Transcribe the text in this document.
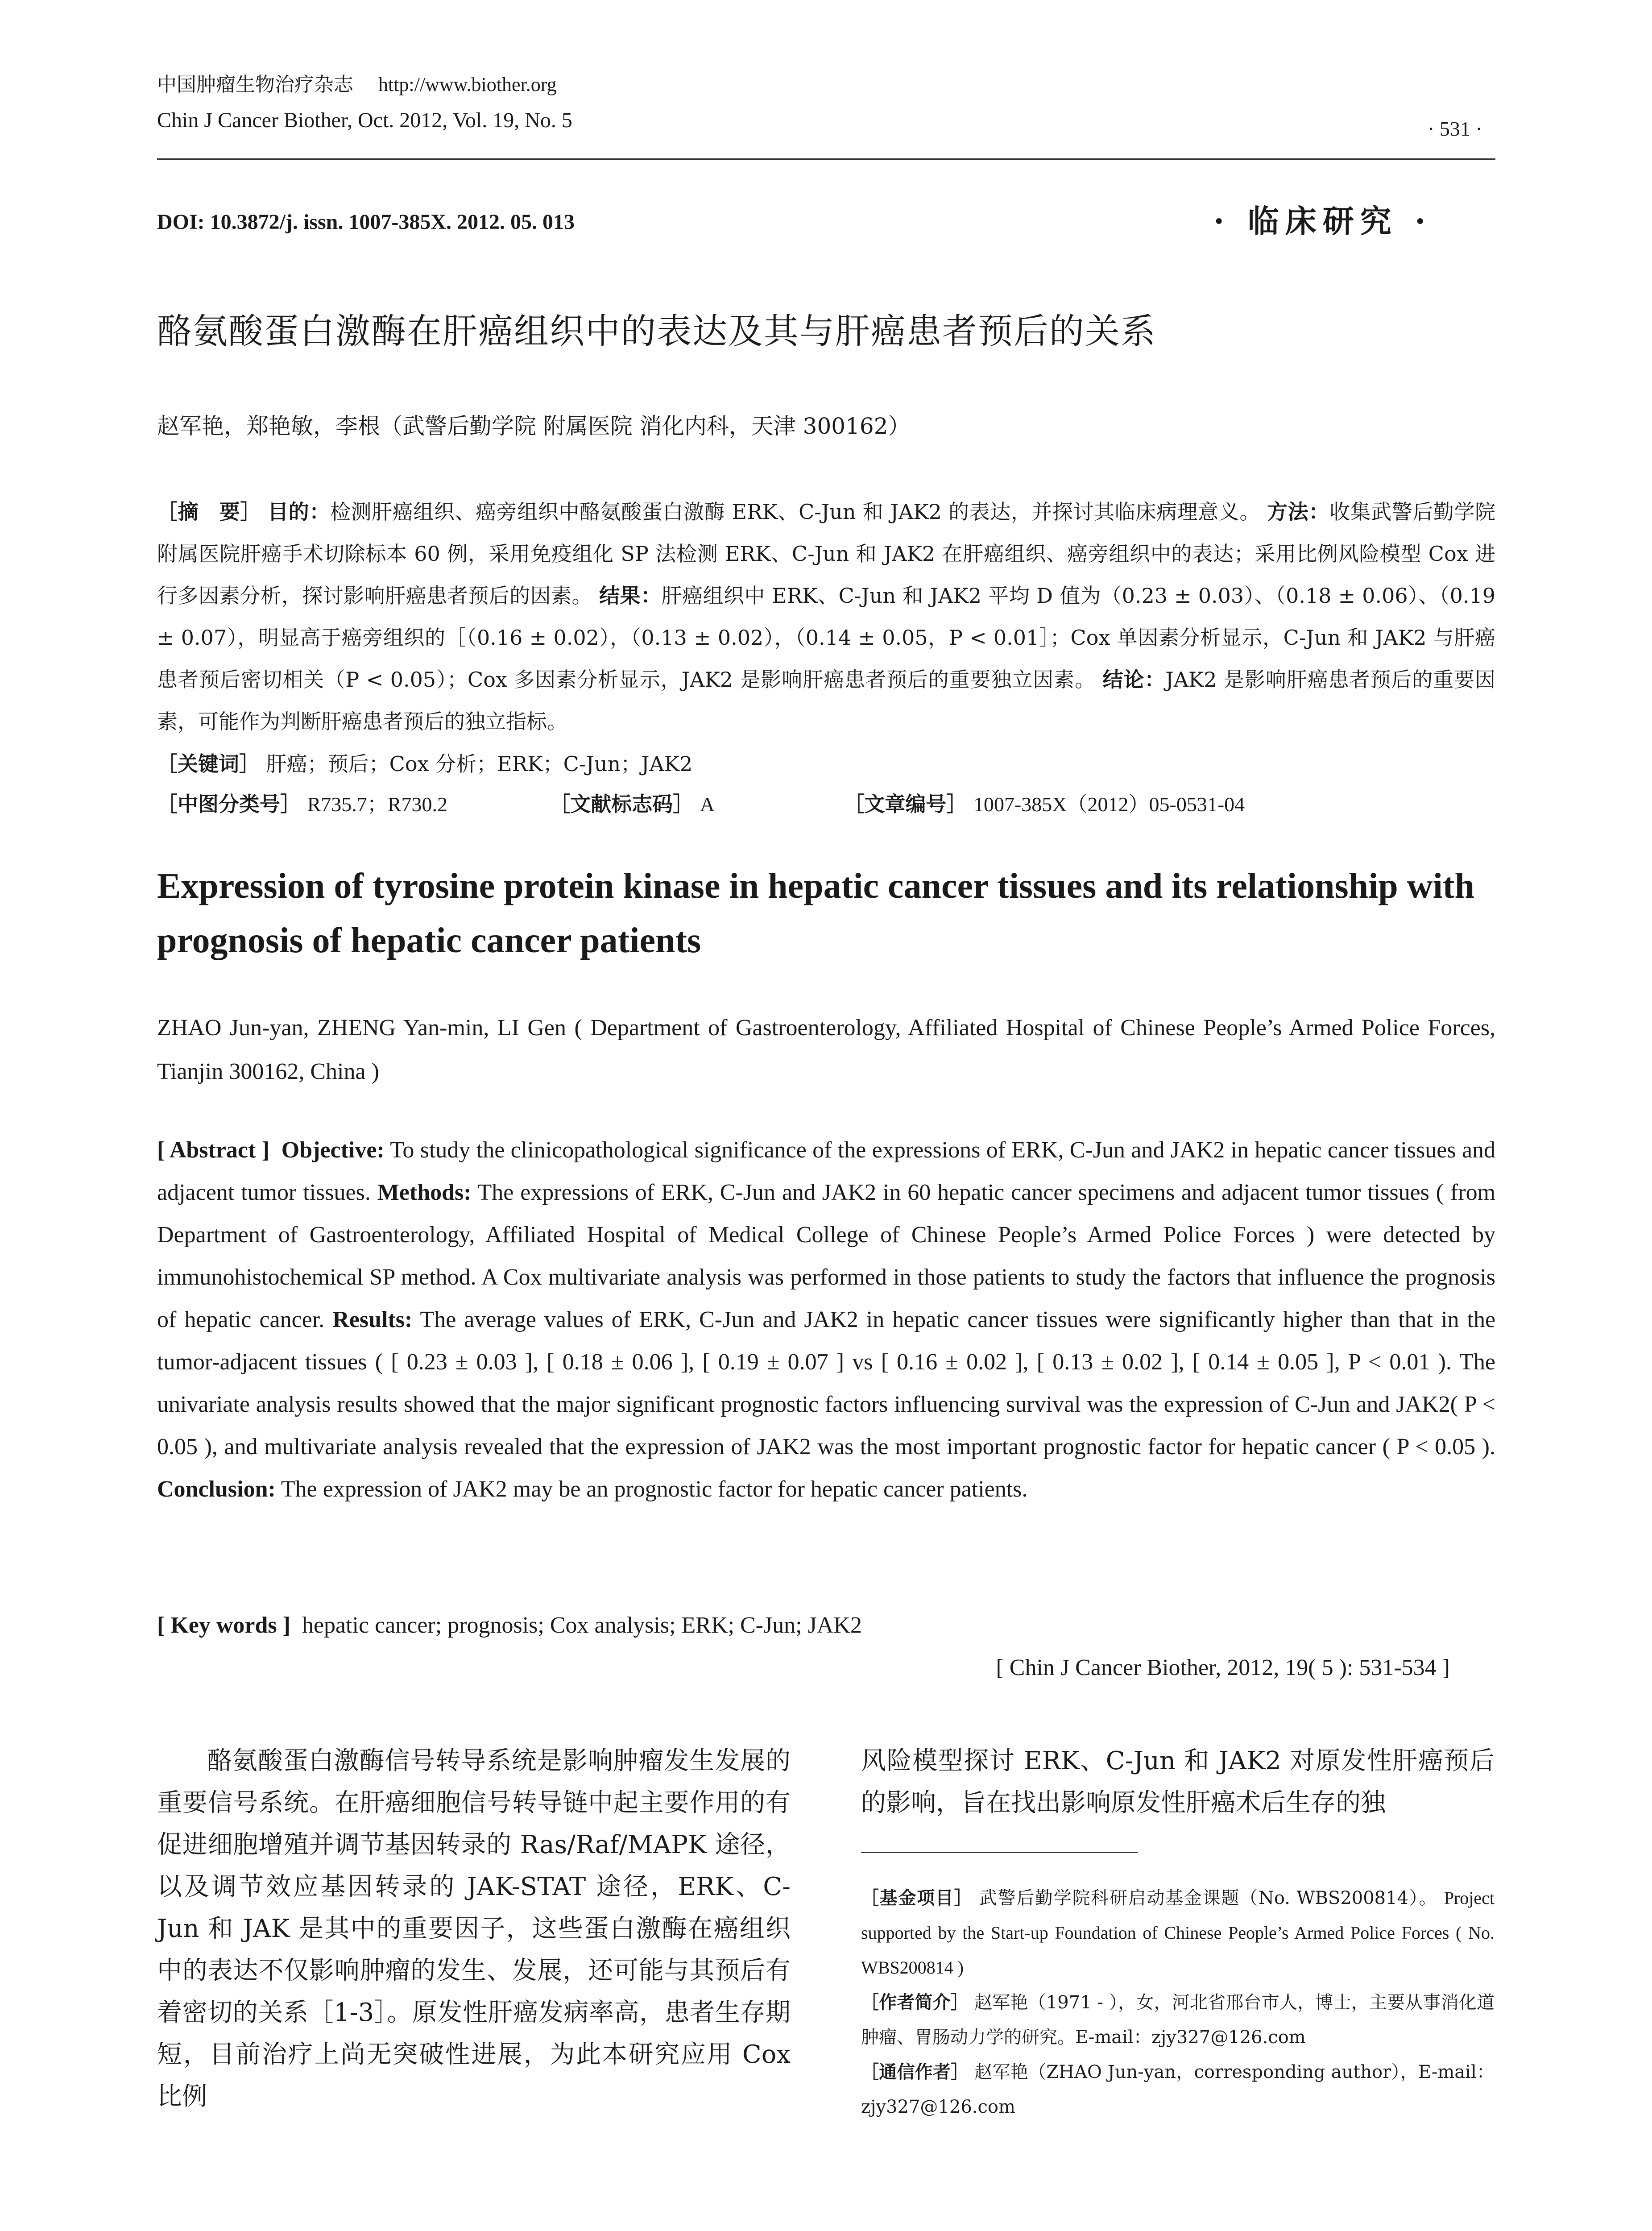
中国肿瘤生物治疗杂志 http://www.biother.org
Chin J Cancer Biother, Oct. 2012, Vol. 19, No. 5	· 531 ·
DOI: 10.3872/j. issn. 1007-385X. 2012. 05. 013	· 临床研究 ·
酪氨酸蛋白激酶在肝癌组织中的表达及其与肝癌患者预后的关系
赵军艳，郑艳敏，李根（武警后勤学院 附属医院 消化内科，天津 300162）
［摘　要］ 目的：检测肝癌组织、癌旁组织中酪氨酸蛋白激酶 ERK、C-Jun 和 JAK2 的表达，并探讨其临床病理意义。 方法：收集武警后勤学院附属医院肝癌手术切除标本 60 例，采用免疫组化 SP 法检测 ERK、C-Jun 和 JAK2 在肝癌组织、癌旁组织中的表达；采用比例风险模型 Cox 进行多因素分析，探讨影响肝癌患者预后的因素。 结果：肝癌组织中 ERK、C-Jun 和 JAK2 平均 D 值为（0.23 ± 0.03）、（0.18 ± 0.06）、（0.19 ± 0.07），明显高于癌旁组织的［（0.16 ± 0.02），（0.13 ± 0.02），（0.14 ± 0.05，P < 0.01］；Cox 单因素分析显示，C-Jun 和 JAK2 与肝癌患者预后密切相关（P < 0.05）；Cox 多因素分析显示，JAK2 是影响肝癌患者预后的重要独立因素。 结论：JAK2 是影响肝癌患者预后的重要因素，可能作为判断肝癌患者预后的独立指标。
［关键词］ 肝癌；预后；Cox 分析；ERK；C-Jun；JAK2
［中图分类号］ R735.7；R730.2	［文献标志码］ A	［文章编号］ 1007-385X（2012）05-0531-04
Expression of tyrosine protein kinase in hepatic cancer tissues and its relationship with prognosis of hepatic cancer patients
ZHAO Jun-yan, ZHENG Yan-min, LI Gen ( Department of Gastroenterology, Affiliated Hospital of Chinese People’s Armed Police Forces, Tianjin 300162, China )
[ Abstract ] Objective: To study the clinicopathological significance of the expressions of ERK, C-Jun and JAK2 in hepatic cancer tissues and adjacent tumor tissues. Methods: The expressions of ERK, C-Jun and JAK2 in 60 hepatic cancer specimens and adjacent tumor tissues ( from Department of Gastroenterology, Affiliated Hospital of Medical College of Chinese People’s Armed Police Forces ) were detected by immunohistochemical SP method. A Cox multivariate analysis was performed in those patients to study the factors that influence the prognosis of hepatic cancer. Results: The average values of ERK, C-Jun and JAK2 in hepatic cancer tissues were significantly higher than that in the tumor-adjacent tissues ( [ 0.23 ± 0.03 ], [ 0.18 ± 0.06 ], [ 0.19 ± 0.07 ] vs [ 0.16 ± 0.02 ], [ 0.13 ± 0.02 ], [ 0.14 ± 0.05 ], P < 0.01 ). The univariate analysis results showed that the major significant prognostic factors influencing survival was the expression of C-Jun and JAK2( P < 0.05 ), and multivariate analysis revealed that the expression of JAK2 was the most important prognostic factor for hepatic cancer ( P < 0.05 ). Conclusion: The expression of JAK2 may be an prognostic factor for hepatic cancer patients.
[ Key words ] hepatic cancer; prognosis; Cox analysis; ERK; C-Jun; JAK2
[ Chin J Cancer Biother, 2012, 19( 5 ): 531-534 ]
酪氨酸蛋白激酶信号转导系统是影响肿瘤发生发展的重要信号系统。在肝癌细胞信号转导链中起主要作用的有促进细胞增殖并调节基因转录的 Ras/Raf/MAPK 途径，以及调节效应基因转录的 JAK-STAT 途径，ERK、C-Jun 和 JAK 是其中的重要因子，这些蛋白激酶在癌组织中的表达不仅影响肿瘤的发生、发展，还可能与其预后有着密切的关系［1-3］。原发性肝癌发病率高，患者生存期短，目前治疗上尚无突破性进展，为此本研究应用 Cox 比例
风险模型探讨 ERK、C-Jun 和 JAK2 对原发性肝癌预后的影响，旨在找出影响原发性肝癌术后生存的独
［基金项目］ 武警后勤学院科研启动基金课题（No. WBS200814）。 Project supported by the Start-up Foundation of Chinese People’s Armed Police Forces ( No. WBS200814 )
［作者简介］ 赵军艳（1971 - ），女，河北省邢台市人，博士，主要从事消化道肿瘤、胃肠动力学的研究。E-mail：zjy327@126.com
［通信作者］ 赵军艳（ZHAO Jun-yan，corresponding author），E-mail：zjy327@126.com
